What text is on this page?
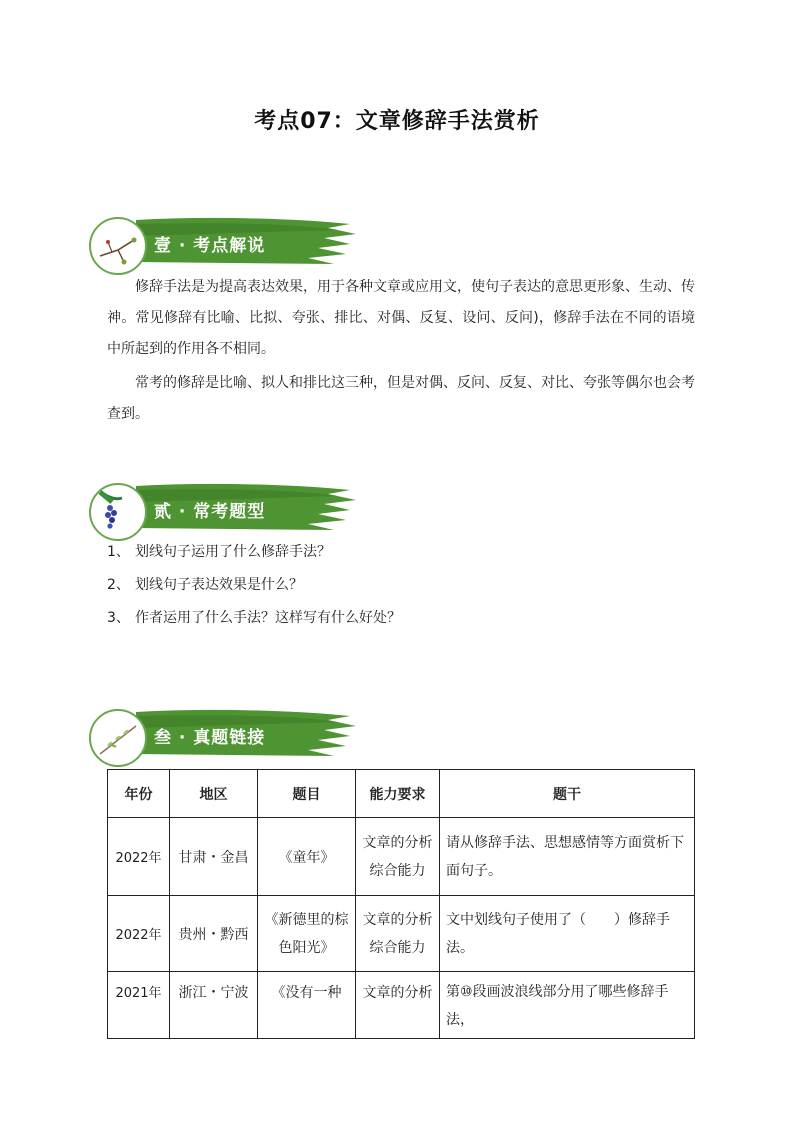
考点07：文章修辞手法赏析
壹 · 考点解说

修辞手法是为提高表达效果，用于各种文章或应用文，使句子表达的意思更形象、生动、传神。常见修辞有比喻、比拟、夸张、排比、对偶、反复、设问、反问)，修辞手法在不同的语境中所起到的作用各不相同。

常考的修辞是比喻、拟人和排比这三种，但是对偶、反问、反复、对比、夸张等偶尔也会考查到。

贰 · 常考题型
1、 划线句子运用了什么修辞手法？
2、 划线句子表达效果是什么？
3、 作者运用了什么手法？这样写有什么好处？
叁 · 真题链接
年份	地区	题目	能力要求	题干
2022年	甘肃・金昌	《童年》	文章的分析综合能力	请从修辞手法、思想感情等方面赏析下面句子。
2022年	贵州・黔西	《新德里的棕色阳光》	文章的分析综合能力	文中划线句子使用了（　　）修辞手法。
2021年	浙江・宁波	《没有一种	文章的分析	第⑩段画波浪线部分用了哪些修辞手法，
